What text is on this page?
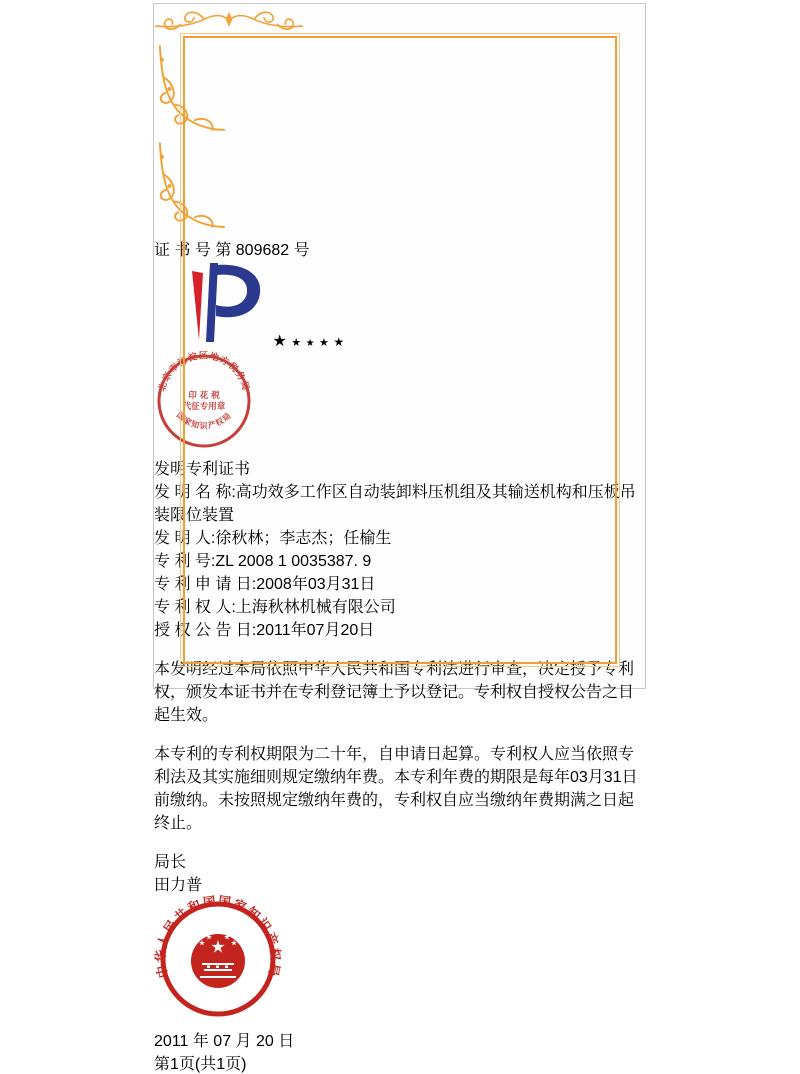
证 书 号 第 809682 号
★ ★ ★ ★ ★
北京市海淀区地方税务局
国家知识产权局
印 花 税
代征专用章
发明专利证书
发 明 名 称:高功效多工作区自动装卸料压机组及其输送机构和压板吊装限位装置
发 明 人:徐秋林；李志杰；任榆生
专 利 号:ZL 2008 1 0035387. 9
专 利 申 请 日:2008年03月31日
专 利 权 人:上海秋林机械有限公司
授 权 公 告 日:2011年07月20日

本发明经过本局依照中华人民共和国专利法进行审查，决定授予专利权，颁发本证书并在专利登记簿上予以登记。专利权自授权公告之日起生效。

本专利的专利权期限为二十年，自申请日起算。专利权人应当依照专利法及其实施细则规定缴纳年费。本专利年费的期限是每年03月31日前缴纳。未按照规定缴纳年费的，专利权自应当缴纳年费期满之日起终止。

局长
田力普
中华人民共和国国家知识产权局
2011 年 07 月 20 日
第1页(共1页)
